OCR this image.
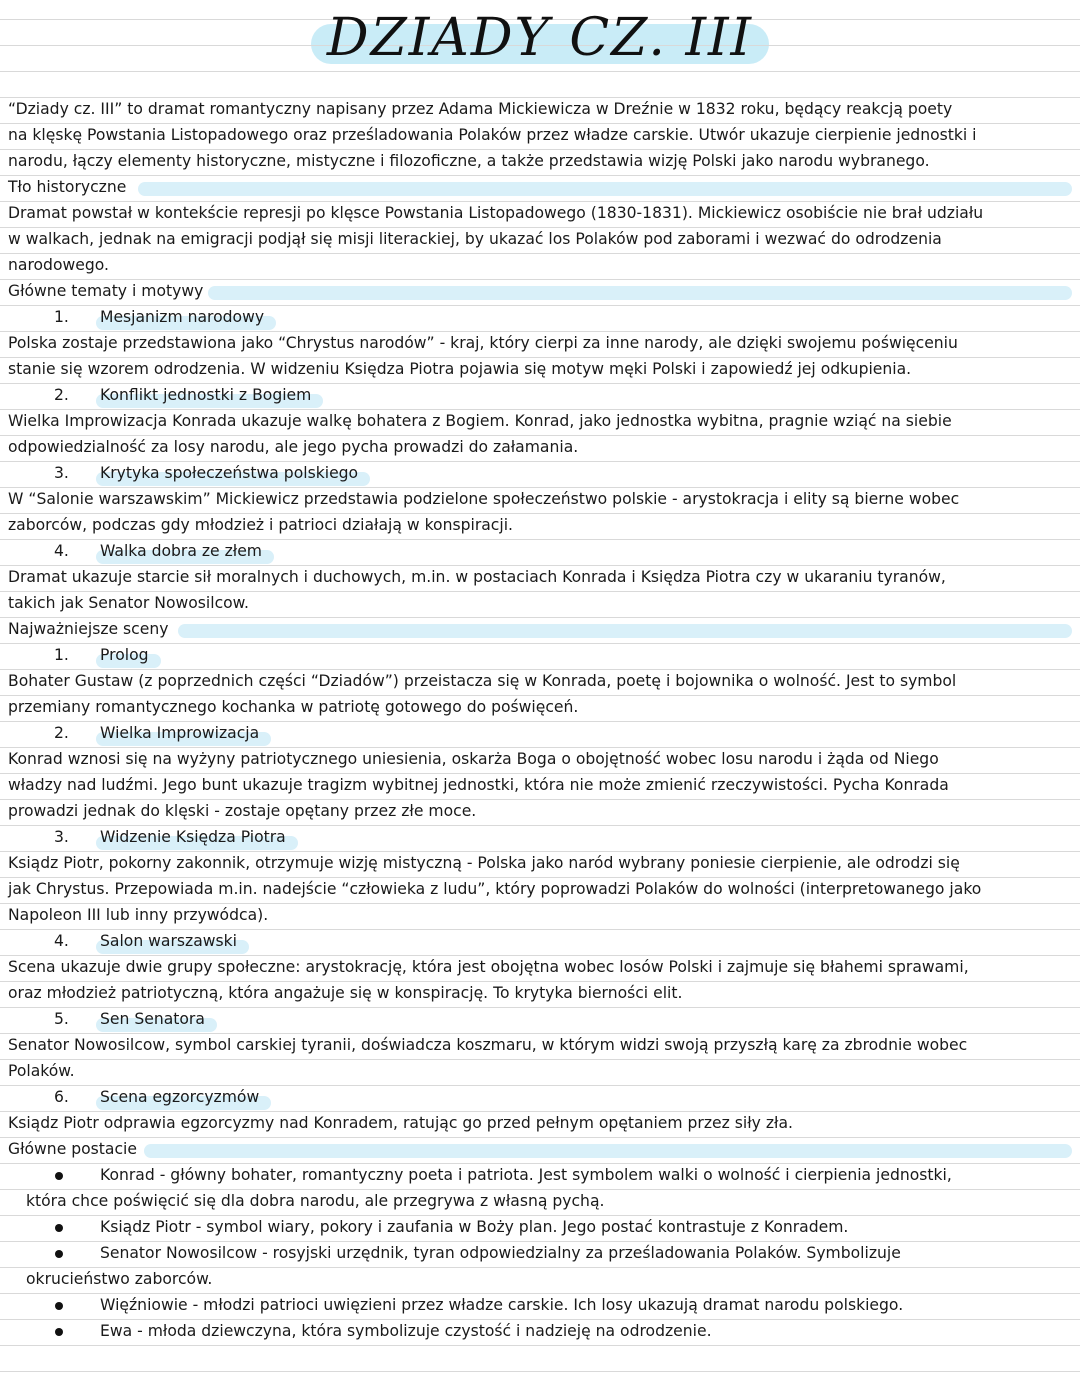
DZIADY CZ. III
“Dziady cz. III” to dramat romantyczny napisany przez Adama Mickiewicza w Dreźnie w 1832 roku, będący reakcją poety
na klęskę Powstania Listopadowego oraz prześladowania Polaków przez władze carskie. Utwór ukazuje cierpienie jednostki i
narodu, łączy elementy historyczne, mistyczne i filozoficzne, a także przedstawia wizję Polski jako narodu wybranego.
Tło historyczne
Dramat powstał w kontekście represji po klęsce Powstania Listopadowego (1830-1831). Mickiewicz osobiście nie brał udziału
w walkach, jednak na emigracji podjął się misji literackiej, by ukazać los Polaków pod zaborami i wezwać do odrodzenia
narodowego.
Główne tematy i motywy
1. Mesjanizm narodowy
Polska zostaje przedstawiona jako “Chrystus narodów” - kraj, który cierpi za inne narody, ale dzięki swojemu poświęceniu
stanie się wzorem odrodzenia. W widzeniu Księdza Piotra pojawia się motyw męki Polski i zapowiedź jej odkupienia.
2. Konflikt jednostki z Bogiem
Wielka Improwizacja Konrada ukazuje walkę bohatera z Bogiem. Konrad, jako jednostka wybitna, pragnie wziąć na siebie
odpowiedzialność za losy narodu, ale jego pycha prowadzi do załamania.
3. Krytyka społeczeństwa polskiego
W “Salonie warszawskim” Mickiewicz przedstawia podzielone społeczeństwo polskie - arystokracja i elity są bierne wobec
zaborców, podczas gdy młodzież i patrioci działają w konspiracji.
4. Walka dobra ze złem
Dramat ukazuje starcie sił moralnych i duchowych, m.in. w postaciach Konrada i Księdza Piotra czy w ukaraniu tyranów,
takich jak Senator Nowosilcow.
Najważniejsze sceny
1. Prolog
Bohater Gustaw (z poprzednich części “Dziadów”) przeistacza się w Konrada, poetę i bojownika o wolność. Jest to symbol
przemiany romantycznego kochanka w patriotę gotowego do poświęceń.
2. Wielka Improwizacja
Konrad wznosi się na wyżyny patriotycznego uniesienia, oskarża Boga o obojętność wobec losu narodu i żąda od Niego
władzy nad ludźmi. Jego bunt ukazuje tragizm wybitnej jednostki, która nie może zmienić rzeczywistości. Pycha Konrada
prowadzi jednak do klęski - zostaje opętany przez złe moce.
3. Widzenie Księdza Piotra
Ksiądz Piotr, pokorny zakonnik, otrzymuje wizję mistyczną - Polska jako naród wybrany poniesie cierpienie, ale odrodzi się
jak Chrystus. Przepowiada m.in. nadejście “człowieka z ludu”, który poprowadzi Polaków do wolności (interpretowanego jako
Napoleon III lub inny przywódca).
4. Salon warszawski
Scena ukazuje dwie grupy społeczne: arystokrację, która jest obojętna wobec losów Polski i zajmuje się błahemi sprawami,
oraz młodzież patriotyczną, która angażuje się w konspirację. To krytyka bierności elit.
5. Sen Senatora
Senator Nowosilcow, symbol carskiej tyranii, doświadcza koszmaru, w którym widzi swoją przyszłą karę za zbrodnie wobec
Polaków.
6. Scena egzorcyzmów
Ksiądz Piotr odprawia egzorcyzmy nad Konradem, ratując go przed pełnym opętaniem przez siły zła.
Główne postacie
Konrad - główny bohater, romantyczny poeta i patriota. Jest symbolem walki o wolność i cierpienia jednostki,
która chce poświęcić się dla dobra narodu, ale przegrywa z własną pychą.
Ksiądz Piotr - symbol wiary, pokory i zaufania w Boży plan. Jego postać kontrastuje z Konradem.
Senator Nowosilcow - rosyjski urzędnik, tyran odpowiedzialny za prześladowania Polaków. Symbolizuje
okrucieństwo zaborców.
Więźniowie - młodzi patrioci uwięzieni przez władze carskie. Ich losy ukazują dramat narodu polskiego.
Ewa - młoda dziewczyna, która symbolizuje czystość i nadzieję na odrodzenie.
